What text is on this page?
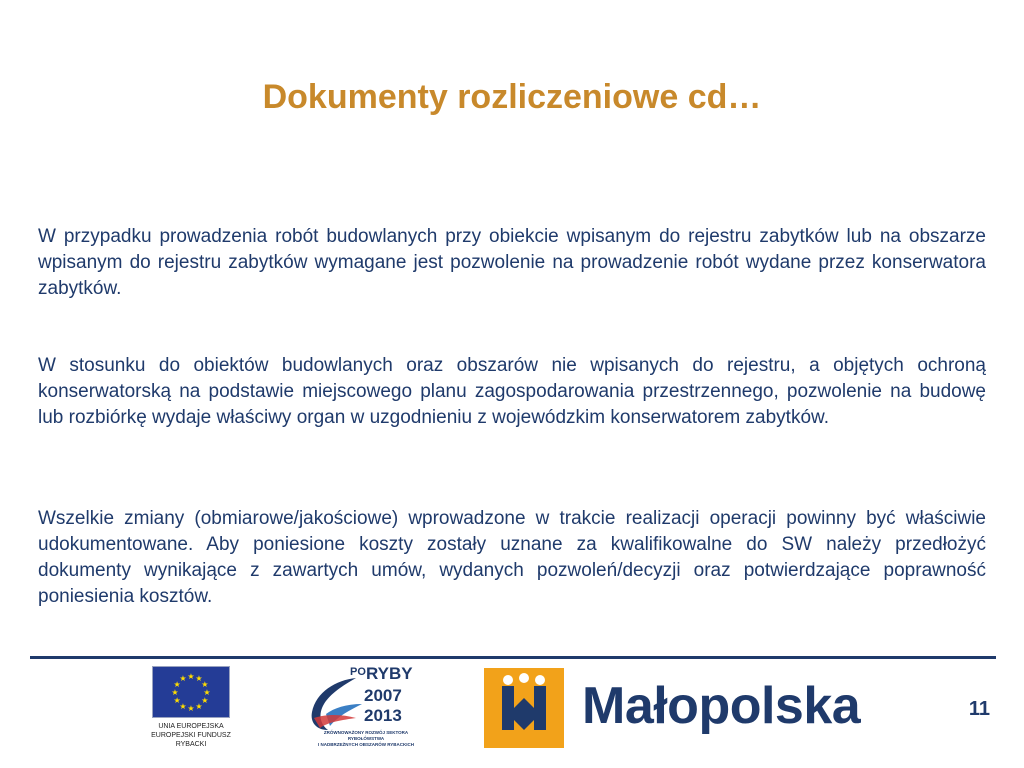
Dokumenty rozliczeniowe cd…

W przypadku prowadzenia robót budowlanych przy obiekcie wpisanym do rejestru zabytków lub na obszarze wpisanym do rejestru zabytków wymagane jest pozwolenie na prowadzenie robót wydane przez konserwatora zabytków.

W stosunku do obiektów budowlanych oraz obszarów nie wpisanych do rejestru, a objętych ochroną konserwatorską na podstawie miejscowego planu zagospodarowania przestrzennego, pozwolenie na budowę lub rozbiórkę wydaje właściwy organ w uzgodnieniu z wojewódzkim konserwatorem zabytków.

Wszelkie zmiany (obmiarowe/jakościowe) wprowadzone w trakcie realizacji operacji powinny być właściwie udokumentowane. Aby poniesione koszty zostały uznane za kwalifikowalne do SW należy przedłożyć dokumenty wynikające z zawartych umów, wydanych pozwoleń/decyzji oraz potwierdzające poprawność poniesienia kosztów.

★ ★
★
★
★
★
★
★
★
★
★
★
UNIA EUROPEJSKA
EUROPEJSKI FUNDUSZ
RYBACKI
PO RYBY
2007
2013
ZRÓWNOWAŻONY ROZWÓJ SEKTORA RYBOŁÓWSTWA
I NADBRZEŻNYCH OBSZARÓW RYBACKICH
Małopolska	11
